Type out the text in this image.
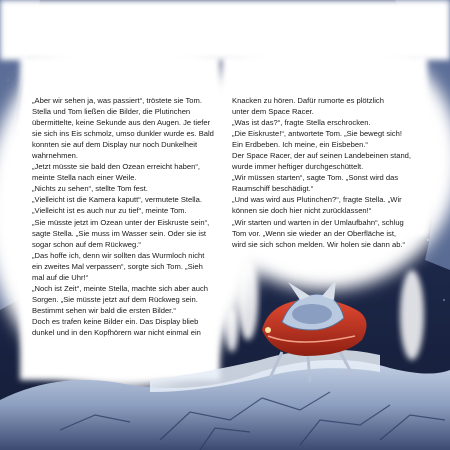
„Aber wir sehen ja, was passiert“, tröstete sie Tom.

Stella und Tom ließen die Bilder, die Plutinchen

übermittelte, keine Sekunde aus den Augen. Je tiefer

sie sich ins Eis schmolz, umso dunkler wurde es. Bald

konnten sie auf dem Display nur noch Dunkelheit

wahrnehmen.

„Jetzt müsste sie bald den Ozean erreicht haben“,

meinte Stella nach einer Weile.

„Nichts zu sehen“, stellte Tom fest.

„Vielleicht ist die Kamera kaputt“, vermutete Stella.

„Vielleicht ist es auch nur zu tief“, meinte Tom.

„Sie müsste jetzt im Ozean unter der Eiskruste sein“,

sagte Stella. „Sie muss im Wasser sein. Oder sie ist

sogar schon auf dem Rückweg.“

„Das hoffe ich, denn wir sollten das Wurmloch nicht

ein zweites Mal verpassen“, sorgte sich Tom. „Sieh

mal auf die Uhr!“

„Noch ist Zeit“, meinte Stella, machte sich aber auch

Sorgen. „Sie müsste jetzt auf dem Rückweg sein.

Bestimmt sehen wir bald die ersten Bilder.“

Doch es trafen keine Bilder ein. Das Display blieb

dunkel und in den Kopfhörern war nicht einmal ein

Knacken zu hören. Dafür rumorte es plötzlich

unter dem Space Racer.

„Was ist das?“, fragte Stella erschrocken.

„Die Eiskruste!“, antwortete Tom. „Sie bewegt sich!

Ein Erdbeben. Ich meine, ein Eisbeben.“

Der Space Racer, der auf seinen Landebeinen stand,

wurde immer heftiger durchgeschüttelt.

„Wir müssen starten“, sagte Tom. „Sonst wird das

Raumschiff beschädigt.“

„Und was wird aus Plutinchen?“, fragte Stella. „Wir

können sie doch hier nicht zurücklassen!“

„Wir starten und warten in der Umlaufbahn“, schlug

Tom vor. „Wenn sie wieder an der Oberfläche ist,

wird sie sich schon melden. Wir holen sie dann ab.“
